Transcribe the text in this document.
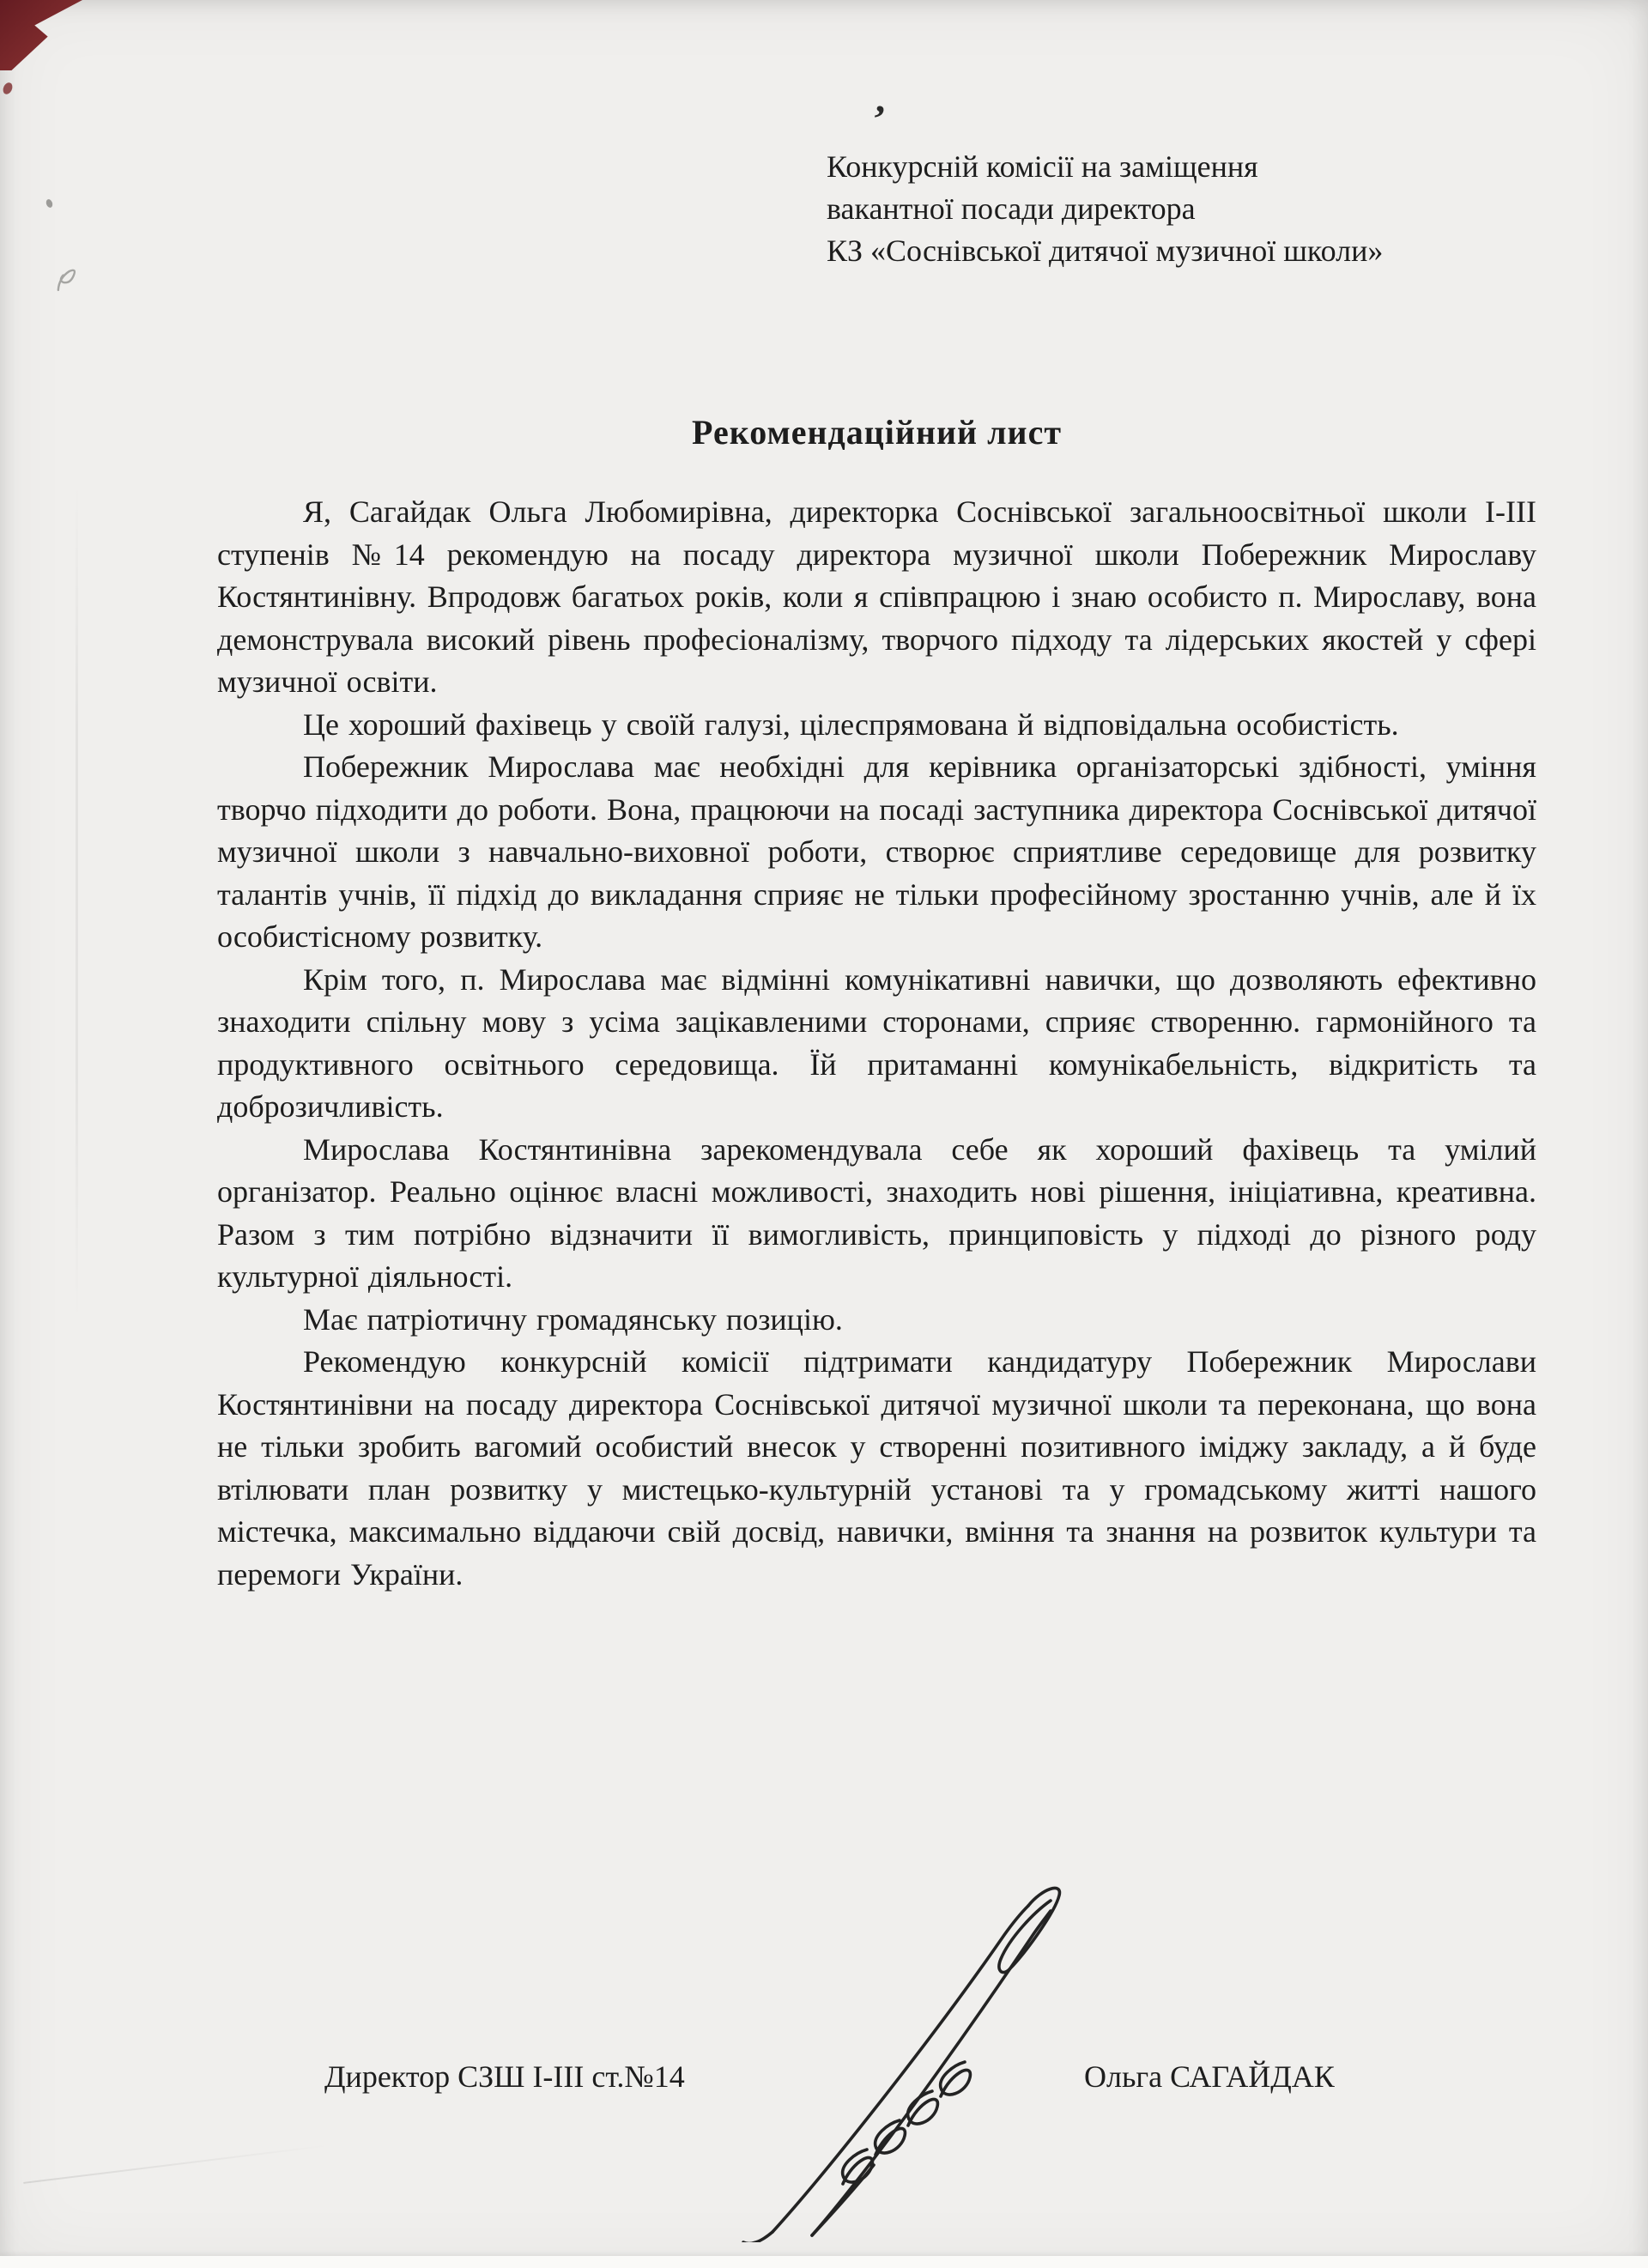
’
Конкурсній комісії на заміщення
вакантної посади директора
КЗ «Соснівської дитячої музичної школи»
Рекомендаційний лист

Я, Сагайдак Ольга Любомирівна, директорка Соснівської загальноосвітньої школи І-ІІІ ступенів №14 рекомендую на посаду директора музичної школи Побережник Мирославу Костянтинівну. Впродовж багатьох років, коли я співпрацюю і знаю особисто п. Мирославу, вона демонструвала високий рівень професіоналізму, творчого підходу та лідерських якостей у сфері музичної освіти.

Це хороший фахівець у своїй галузі, цілеспрямована й відповідальна особистість.

Побережник Мирослава має необхідні для керівника організаторські здібності, уміння творчо підходити до роботи. Вона, працюючи на посаді заступника директора Соснівської дитячої музичної школи з навчально-виховної роботи, створює сприятливе середовище для розвитку талантів учнів, її підхід до викладання сприяє не тільки професійному зростанню учнів, але й їх особистісному розвитку.

Крім того, п. Мирослава має відмінні комунікативні навички, що дозволяють ефективно знаходити спільну мову з усіма зацікавленими сторонами, сприяє створенню. гармонійного та продуктивного освітнього середовища. Їй притаманні комунікабельність, відкритість та доброзичливість.

Мирослава Костянтинівна зарекомендувала себе як хороший фахівець та умілий організатор. Реально оцінює власні можливості, знаходить нові рішення, ініціативна, креативна. Разом з тим потрібно відзначити її вимогливість, принциповість у підході до різного роду культурної діяльності.

Має патріотичну громадянську позицію.

Рекомендую конкурсній комісії підтримати кандидатуру Побережник Мирослави Костянтинівни на посаду директора Соснівської дитячої музичної школи та переконана, що вона не тільки зробить вагомий особистий внесок у створенні позитивного іміджу закладу, а й буде втілювати план розвитку у мистецько-культурній установі та у громадському житті нашого містечка, максимально віддаючи свій досвід, навички, вміння та знання на розвиток культури та перемоги України.

Директор СЗШ І-ІІІ ст.№14	Ольга САГАЙДАК
